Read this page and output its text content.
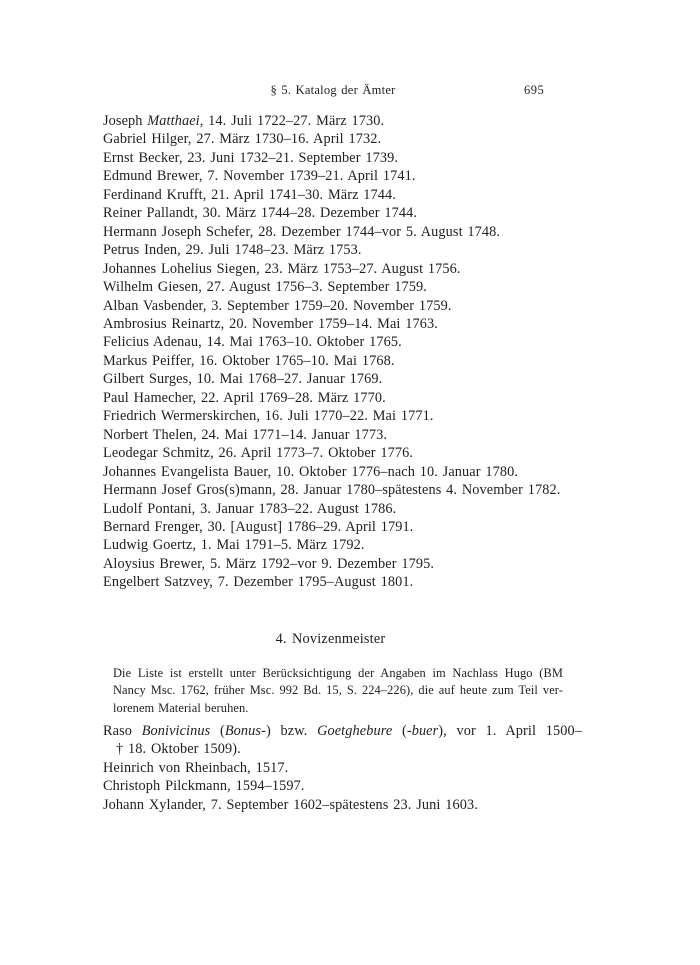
§ 5. Katalog der Ämter	695
Joseph Matthaei, 14. Juli 1722–27. März 1730.
Gabriel Hilger, 27. März 1730–16. April 1732.
Ernst Becker, 23. Juni 1732–21. September 1739.
Edmund Brewer, 7. November 1739–21. April 1741.
Ferdinand Krufft, 21. April 1741–30. März 1744.
Reiner Pallandt, 30. März 1744–28. Dezember 1744.
Hermann Joseph Schefer, 28. Dezember 1744–vor 5. August 1748.
Petrus Inden, 29. Juli 1748–23. März 1753.
Johannes Lohelius Siegen, 23. März 1753–27. August 1756.
Wilhelm Giesen, 27. August 1756–3. September 1759.
Alban Vasbender, 3. September 1759–20. November 1759.
Ambrosius Reinartz, 20. November 1759–14. Mai 1763.
Felicius Adenau, 14. Mai 1763–10. Oktober 1765.
Markus Peiffer, 16. Oktober 1765–10. Mai 1768.
Gilbert Surges, 10. Mai 1768–27. Januar 1769.
Paul Hamecher, 22. April 1769–28. März 1770.
Friedrich Wermerskirchen, 16. Juli 1770–22. Mai 1771.
Norbert Thelen, 24. Mai 1771–14. Januar 1773.
Leodegar Schmitz, 26. April 1773–7. Oktober 1776.
Johannes Evangelista Bauer, 10. Oktober 1776–nach 10. Januar 1780.
Hermann Josef Gros(s)mann, 28. Januar 1780–spätestens 4. November 1782.
Ludolf Pontani, 3. Januar 1783–22. August 1786.
Bernard Frenger, 30. [August] 1786–29. April 1791.
Ludwig Goertz, 1. Mai 1791–5. März 1792.
Aloysius Brewer, 5. März 1792–vor 9. Dezember 1795.
Engelbert Satzvey, 7. Dezember 1795–August 1801.
4. Novizenmeister
Die Liste ist erstellt unter Berücksichtigung der Angaben im Nachlass Hugo (BM
Nancy Msc. 1762, früher Msc. 992 Bd. 15, S. 224–226), die auf heute zum Teil ver-
lorenem Material beruhen.
Raso Bonivicinus (Bonus-) bzw. Goetghebure (-buer), vor 1. April 1500–
† 18. Oktober 1509).
Heinrich von Rheinbach, 1517.
Christoph Pilckmann, 1594–1597.
Johann Xylander, 7. September 1602–spätestens 23. Juni 1603.
